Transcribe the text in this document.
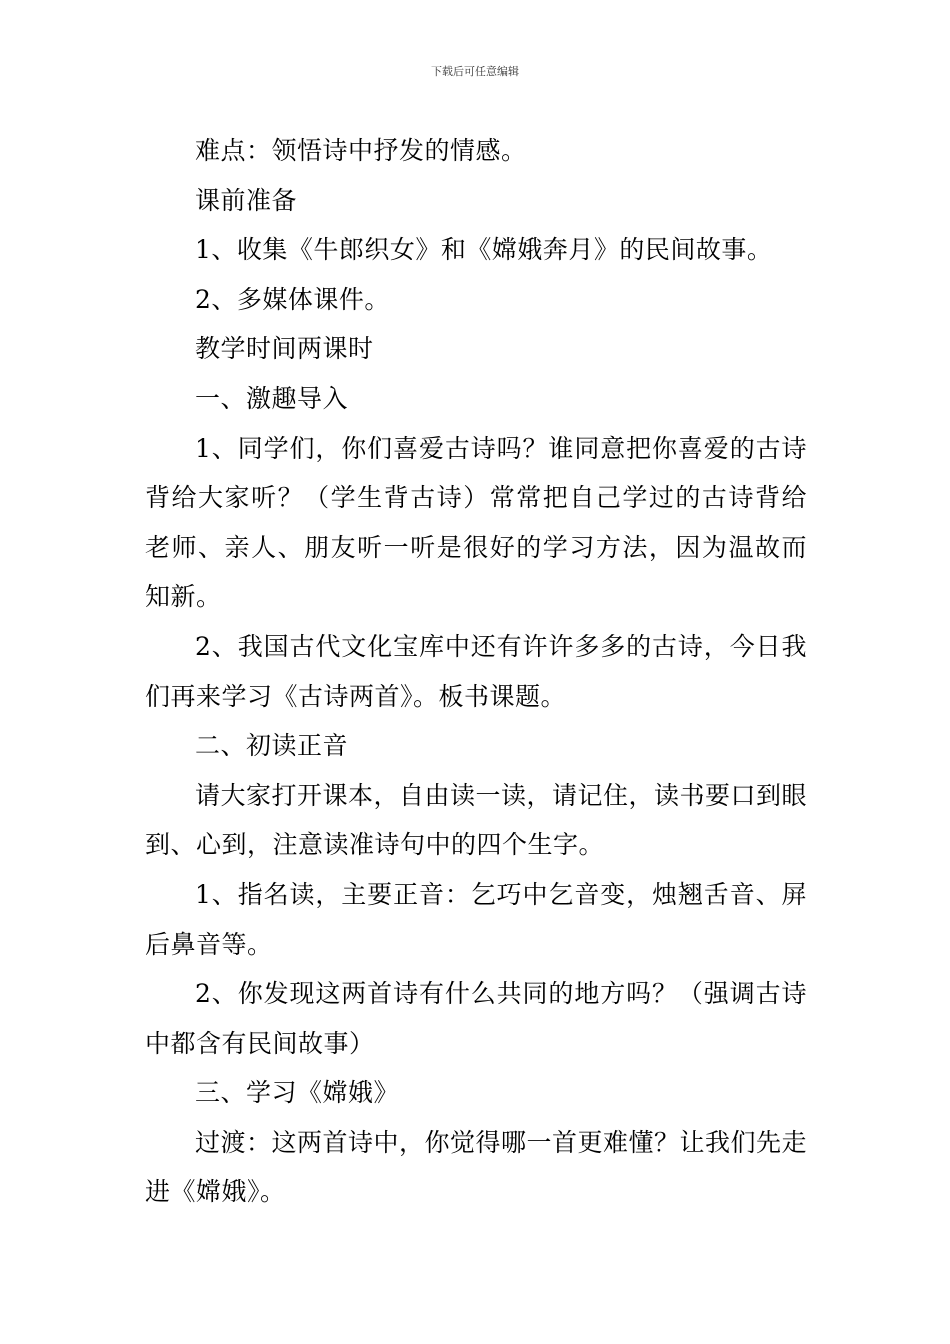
下载后可任意编辑

难点：领悟诗中抒发的情感。

课前准备

1、收集《牛郎织女》和《嫦娥奔月》的民间故事。

2、多媒体课件。

教学时间两课时

一、激趣导入

1、同学们，你们喜爱古诗吗？谁同意把你喜爱的古诗背给大家听？（学生背古诗）常常把自己学过的古诗背给老师、亲人、朋友听一听是很好的学习方法，因为温故而知新。

2、我国古代文化宝库中还有许许多多的古诗，今日我们再来学习《古诗两首》。板书课题。

二、初读正音

请大家打开课本，自由读一读，请记住，读书要口到眼到、心到，注意读准诗句中的四个生字。

1、指名读，主要正音：乞巧中乞音变，烛翘舌音、屏后鼻音等。

2、你发现这两首诗有什么共同的地方吗？（强调古诗中都含有民间故事）

三、学习《嫦娥》

过渡：这两首诗中，你觉得哪一首更难懂？让我们先走进《嫦娥》。
